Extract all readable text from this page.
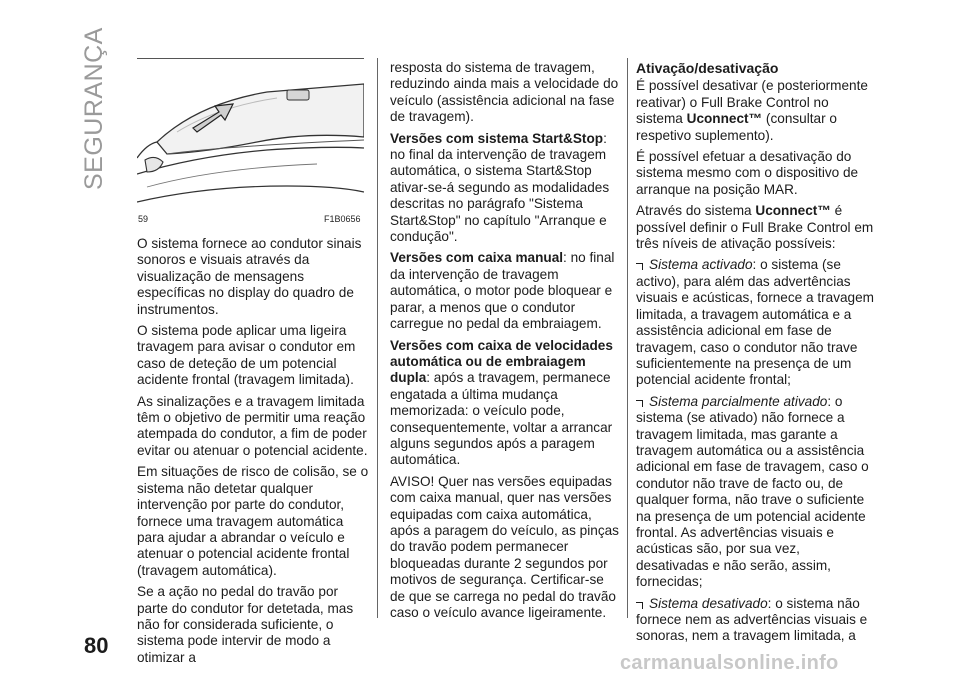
SEGURANÇA
80
59	F1B0656

O sistema fornece ao condutor sinais sonoros e visuais através da visualização de mensagens específicas no display do quadro de instrumentos.

O sistema pode aplicar uma ligeira travagem para avisar o condutor em caso de deteção de um potencial acidente frontal (travagem limitada).

As sinalizações e a travagem limitada têm o objetivo de permitir uma reação atempada do condutor, a fim de poder evitar ou atenuar o potencial acidente.

Em situações de risco de colisão, se o sistema não detetar qualquer intervenção por parte do condutor, fornece uma travagem automática para ajudar a abrandar o veículo e atenuar o potencial acidente frontal (travagem automática).

Se a ação no pedal do travão por parte do condutor for detetada, mas não for considerada suficiente, o sistema pode intervir de modo a otimizar a

resposta do sistema de travagem, reduzindo ainda mais a velocidade do veículo (assistência adicional na fase de travagem).

Versões com sistema Start&Stop: no final da intervenção de travagem automática, o sistema Start&Stop ativar-se-á segundo as modalidades descritas no parágrafo "Sistema Start&Stop" no capítulo "Arranque e condução".

Versões com caixa manual: no final da intervenção de travagem automática, o motor pode bloquear e parar, a menos que o condutor carregue no pedal da embraiagem.

Versões com caixa de velocidades automática ou de embraiagem dupla: após a travagem, permanece engatada a última mudança memorizada: o veículo pode, consequentemente, voltar a arrancar alguns segundos após a paragem automática.

AVISO! Quer nas versões equipadas com caixa manual, quer nas versões equipadas com caixa automática, após a paragem do veículo, as pinças do travão podem permanecer bloqueadas durante 2 segundos por motivos de segurança. Certificar-se de que se carrega no pedal do travão caso o veículo avance ligeiramente.

Ativação/desativação

É possível desativar (e posteriormente reativar) o Full Brake Control no sistema Uconnect™ (consultar o respetivo suplemento).

É possível efetuar a desativação do sistema mesmo com o dispositivo de arranque na posição MAR.

Através do sistema Uconnect™ é possível definir o Full Brake Control em três níveis de ativação possíveis:

Sistema activado: o sistema (se activo), para além das advertências visuais e acústicas, fornece a travagem limitada, a travagem automática e a assistência adicional em fase de travagem, caso o condutor não trave suficientemente na presença de um potencial acidente frontal;

Sistema parcialmente ativado: o sistema (se ativado) não fornece a travagem limitada, mas garante a travagem automática ou a assistência adicional em fase de travagem, caso o condutor não trave de facto ou, de qualquer forma, não trave o suficiente na presença de um potencial acidente frontal. As advertências visuais e acústicas são, por sua vez, desativadas e não serão, assim, fornecidas;

Sistema desativado: o sistema não fornece nem as advertências visuais e sonoras, nem a travagem limitada, a

carmanualsonline.info
